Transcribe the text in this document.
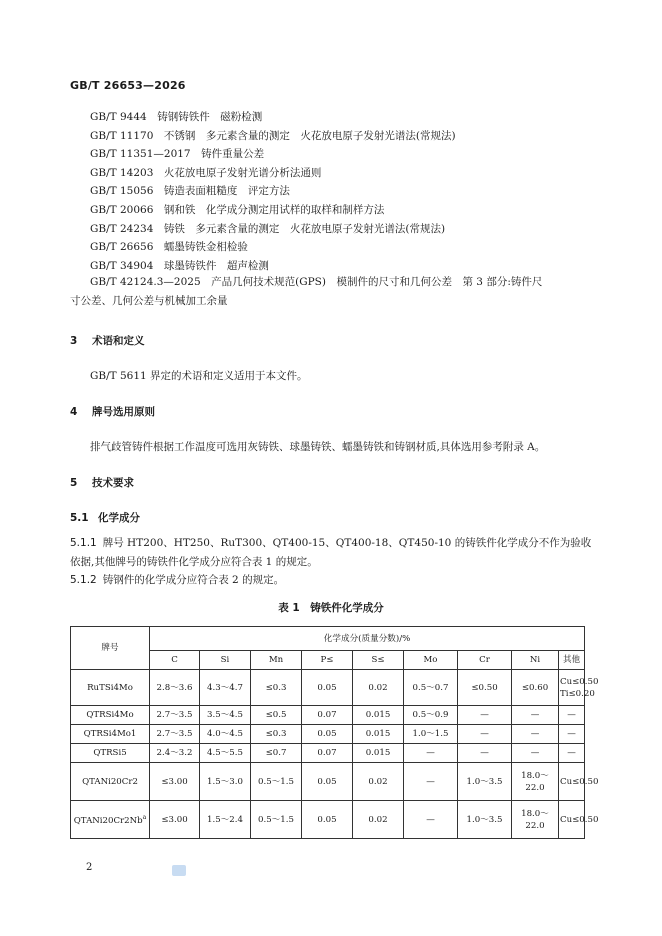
GB/T 26653—2026
GB/T 9444　铸钢铸铁件　磁粉检测
GB/T 11170　不锈钢　多元素含量的测定　火花放电原子发射光谱法(常规法)
GB/T 11351—2017　铸件重量公差
GB/T 14203　火花放电原子发射光谱分析法通则
GB/T 15056　铸造表面粗糙度　评定方法
GB/T 20066　钢和铁　化学成分测定用试样的取样和制样方法
GB/T 24234　铸铁　多元素含量的测定　火花放电原子发射光谱法(常规法)
GB/T 26656　蠕墨铸铁金相检验
GB/T 34904　球墨铸铁件　超声检测
GB/T 42124.3—2025　产品几何技术规范(GPS)　模制件的尺寸和几何公差　第 3 部分:铸件尺
寸公差、几何公差与机械加工余量
3 术语和定义
GB/T 5611 界定的术语和定义适用于本文件。
4 牌号选用原则
排气歧管铸件根据工作温度可选用灰铸铁、球墨铸铁、蠕墨铸铁和铸钢材质,具体选用参考附录 A。
5 技术要求
5.1 化学成分
5.1.1 牌号 HT200、HT250、RuT300、QT400-15、QT400-18、QT450-10 的铸铁件化学成分不作为验收
依据,其他牌号的铸铁件化学成分应符合表 1 的规定。
5.1.2 铸钢件的化学成分应符合表 2 的规定。
表 1　铸铁件化学成分
牌号	化学成分(质量分数)/%								
	C	Si	Mn	P≤	S≤	Mo	Cr	Ni	其他
RuTSi4Mo	2.8～3.6	4.3～4.7	≤0.3	0.05	0.02	0.5～0.7	≤0.50	≤0.60	Cu≤0.50
Ti≤0.20

QTRSi4Mo	2.7～3.5	3.5～4.5	≤0.5	0.07	0.015	0.5～0.9	—	—	—
QTRSi4Mo1	2.7～3.5	4.0～4.5	≤0.3	0.05	0.015	1.0～1.5	—	—	—
QTRSi5	2.4～3.2	4.5～5.5	≤0.7	0.07	0.015	—	—	—	—
QTANi20Cr2	≤3.00	1.5～3.0	0.5～1.5	0.05	0.02	—	1.0～3.5	18.0～
22.0	Cu≤0.50
$QTANi20Cr2Nb^a$	≤3.00	1.5～2.4	0.5～1.5	0.05	0.02	—	1.0～3.5	18.0～
22.0	Cu≤0.50
2
